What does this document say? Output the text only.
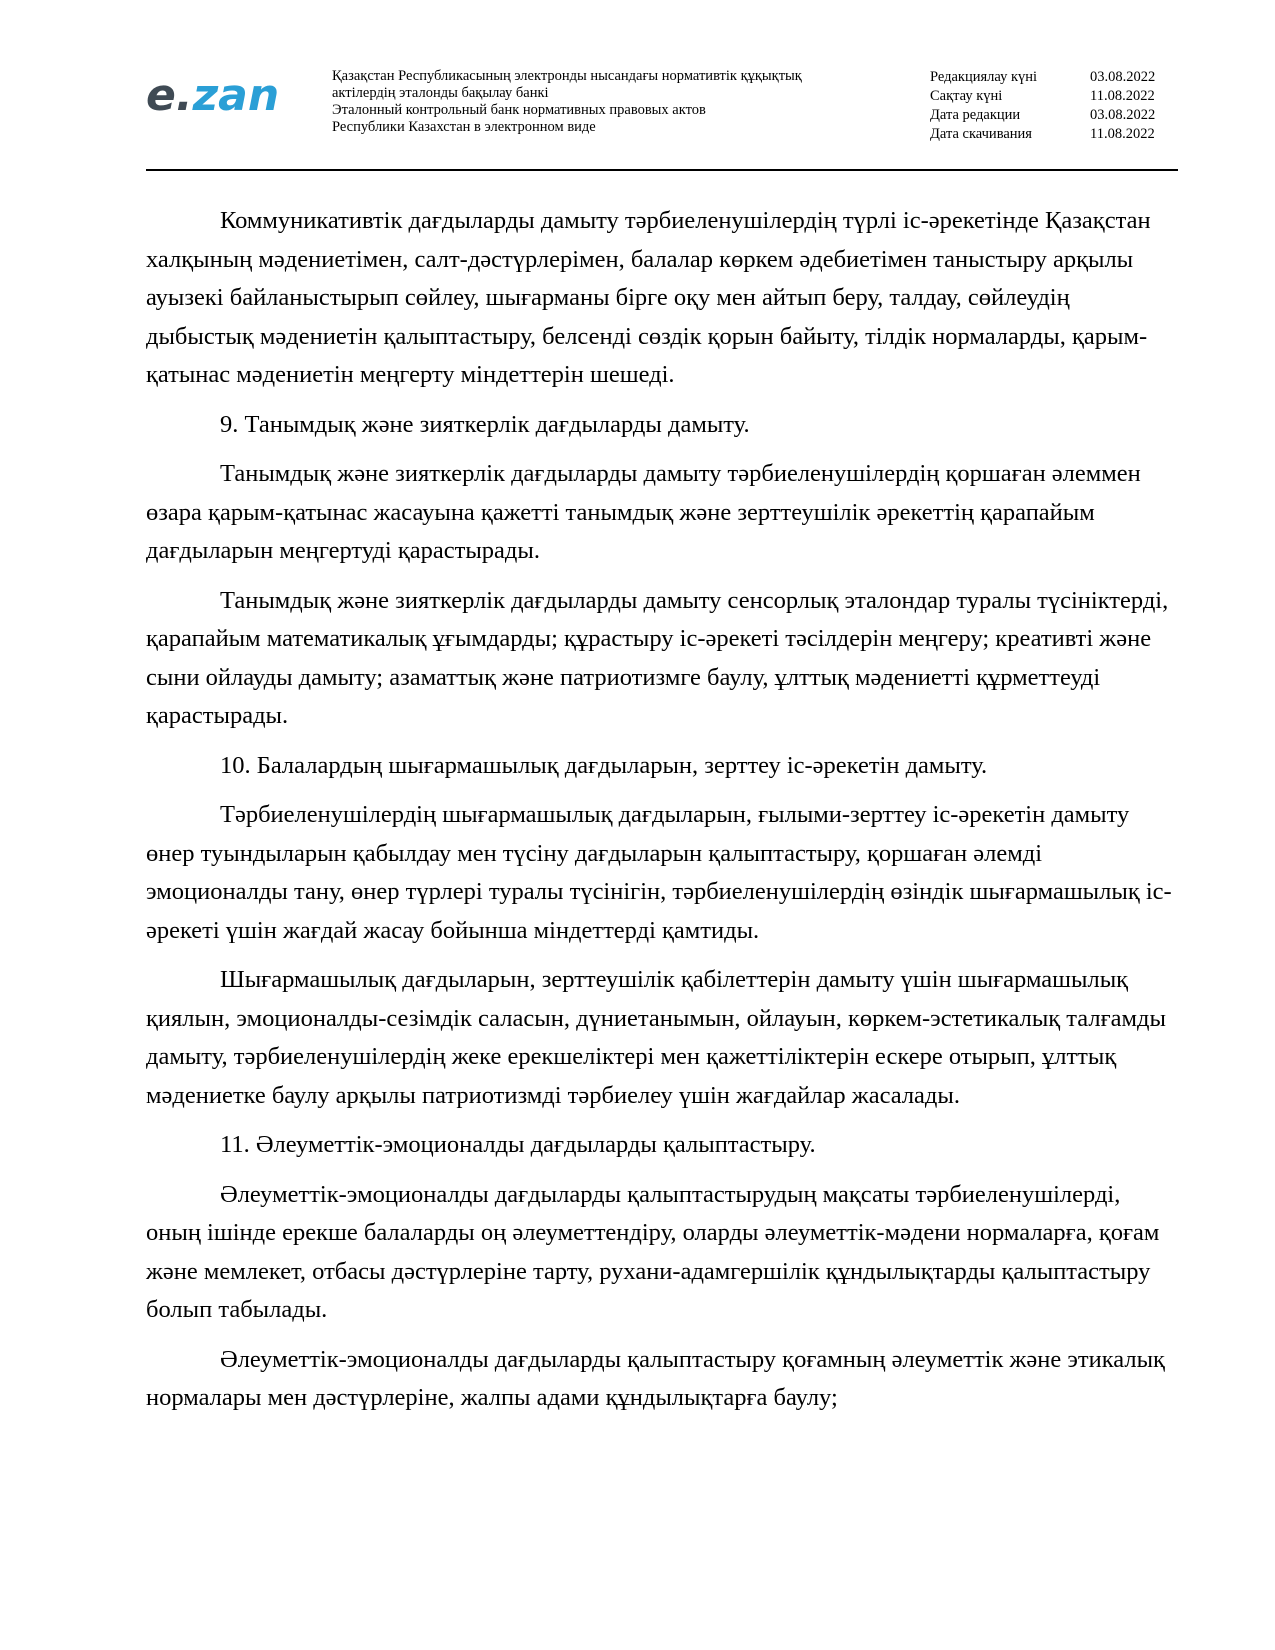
e.zan	Қазақстан Республикасының электронды нысандағы нормативтік құқықтық
актілердің эталонды бақылау банкі
Эталонный контрольный банк нормативных правовых актов
Республики Казахстан в электронном виде
Редакциялау күні	03.08.2022
Сақтау күні	11.08.2022
Дата редакции	03.08.2022
Дата скачивания	11.08.2022

Коммуникативтік дағдыларды дамыту тәрбиеленушілердің түрлі іс-әрекетінде Қазақстан халқының мәдениетімен, салт-дәстүрлерімен, балалар көркем әдебиетімен таныстыру арқылы ауызекі байланыстырып сөйлеу, шығарманы бірге оқу мен айтып беру, талдау, сөйлеудің дыбыстық мәдениетін қалыптастыру, белсенді сөздік қорын байыту, тілдік нормаларды, қарым-қатынас мәдениетін меңгерту міндеттерін шешеді.

9. Танымдық және зияткерлік дағдыларды дамыту.

Танымдық және зияткерлік дағдыларды дамыту тәрбиеленушілердің қоршаған әлеммен өзара қарым-қатынас жасауына қажетті танымдық және зерттеушілік әрекеттің қарапайым дағдыларын меңгертуді қарастырады.

Танымдық және зияткерлік дағдыларды дамыту сенсорлық эталондар туралы түсініктерді, қарапайым математикалық ұғымдарды; құрастыру іс-әрекеті тәсілдерін меңгеру; креативті және сыни ойлауды дамыту; азаматтық және патриотизмге баулу, ұлттық мәдениетті құрметтеуді қарастырады.

10. Балалардың шығармашылық дағдыларын, зерттеу іс-әрекетін дамыту.

Тәрбиеленушілердің шығармашылық дағдыларын, ғылыми-зерттеу іс-әрекетін дамыту өнер туындыларын қабылдау мен түсіну дағдыларын қалыптастыру, қоршаған әлемді эмоционалды тану, өнер түрлері туралы түсінігін, тәрбиеленушілердің өзіндік шығармашылық іс-әрекеті үшін жағдай жасау бойынша міндеттерді қамтиды.

Шығармашылық дағдыларын, зерттеушілік қабілеттерін дамыту үшін шығармашылық қиялын, эмоционалды-сезімдік саласын, дүниетанымын, ойлауын, көркем-эстетикалық талғамды дамыту, тәрбиеленушілердің жеке ерекшеліктері мен қажеттіліктерін ескере отырып, ұлттық мәдениетке баулу арқылы патриотизмді тәрбиелеу үшін жағдайлар жасалады.

11. Әлеуметтік-эмоционалды дағдыларды қалыптастыру.

Әлеуметтік-эмоционалды дағдыларды қалыптастырудың мақсаты тәрбиеленушілерді, оның ішінде ерекше балаларды оң әлеуметтендіру, оларды әлеуметтік-мәдени нормаларға, қоғам және мемлекет, отбасы дәстүрлеріне тарту, рухани-адамгершілік құндылықтарды қалыптастыру болып табылады.

Әлеуметтік-эмоционалды дағдыларды қалыптастыру қоғамның әлеуметтік және этикалық нормалары мен дәстүрлеріне, жалпы адами құндылықтарға баулу;
